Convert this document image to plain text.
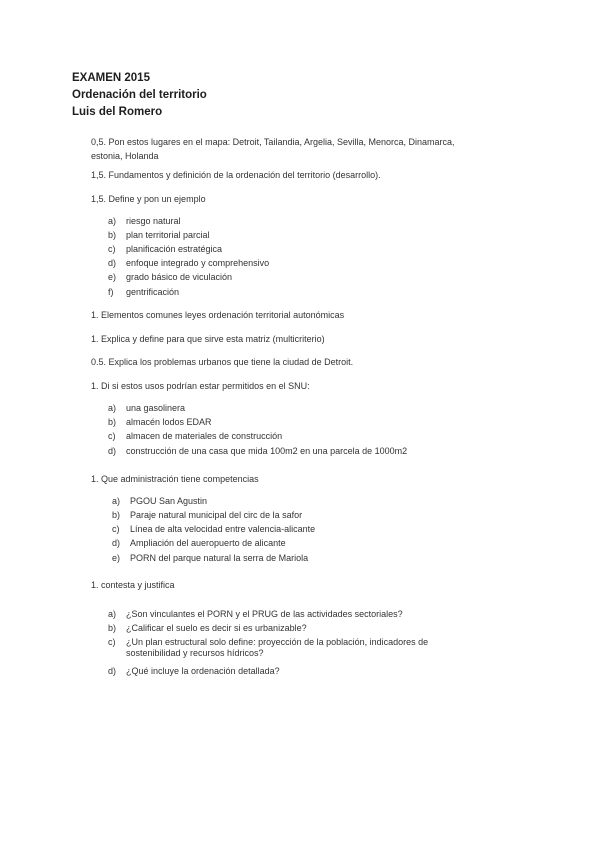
EXAMEN 2015
Ordenación del territorio
Luis del Romero
0,5. Pon estos lugares en el mapa: Detroit, Tailandia, Argelia, Sevilla, Menorca, Dinamarca, estonia, Holanda
1,5. Fundamentos y definición de la ordenación del territorio (desarrollo).
1,5. Define y pon un ejemplo
a) riesgo natural
b) plan territorial parcial
c) planificación estratégica
d) enfoque integrado y comprehensivo
e) grado básico de viculación
f) gentrificación
1. Elementos comunes leyes ordenación territorial autonómicas
1. Explica y define para que sirve esta matriz (multicriterio)
0.5. Explica los problemas urbanos que tiene la ciudad de Detroit.
1. Di si estos usos podrían estar permitidos en el SNU:
a) una gasolinera
b) almacén lodos EDAR
c) almacen de materiales de construcción
d) construcción de una casa que mida 100m2 en una parcela de 1000m2
1. Que administración tiene competencias
a) PGOU San Agustin
b) Paraje natural municipal del circ de la safor
c) Línea de alta velocidad entre valencia-alicante
d) Ampliación del aueropuerto de alicante
e) PORN del parque natural la serra de Mariola
1. contesta y justifica
a) ¿Son vinculantes el PORN y el PRUG de las actividades sectoriales?
b) ¿Calificar el suelo es decir si es urbanizable?
c)	¿Un plan estructural solo define: proyección de la población, indicadores de sostenibilidad y recursos hídricos?
d) ¿Qué incluye la ordenación detallada?
